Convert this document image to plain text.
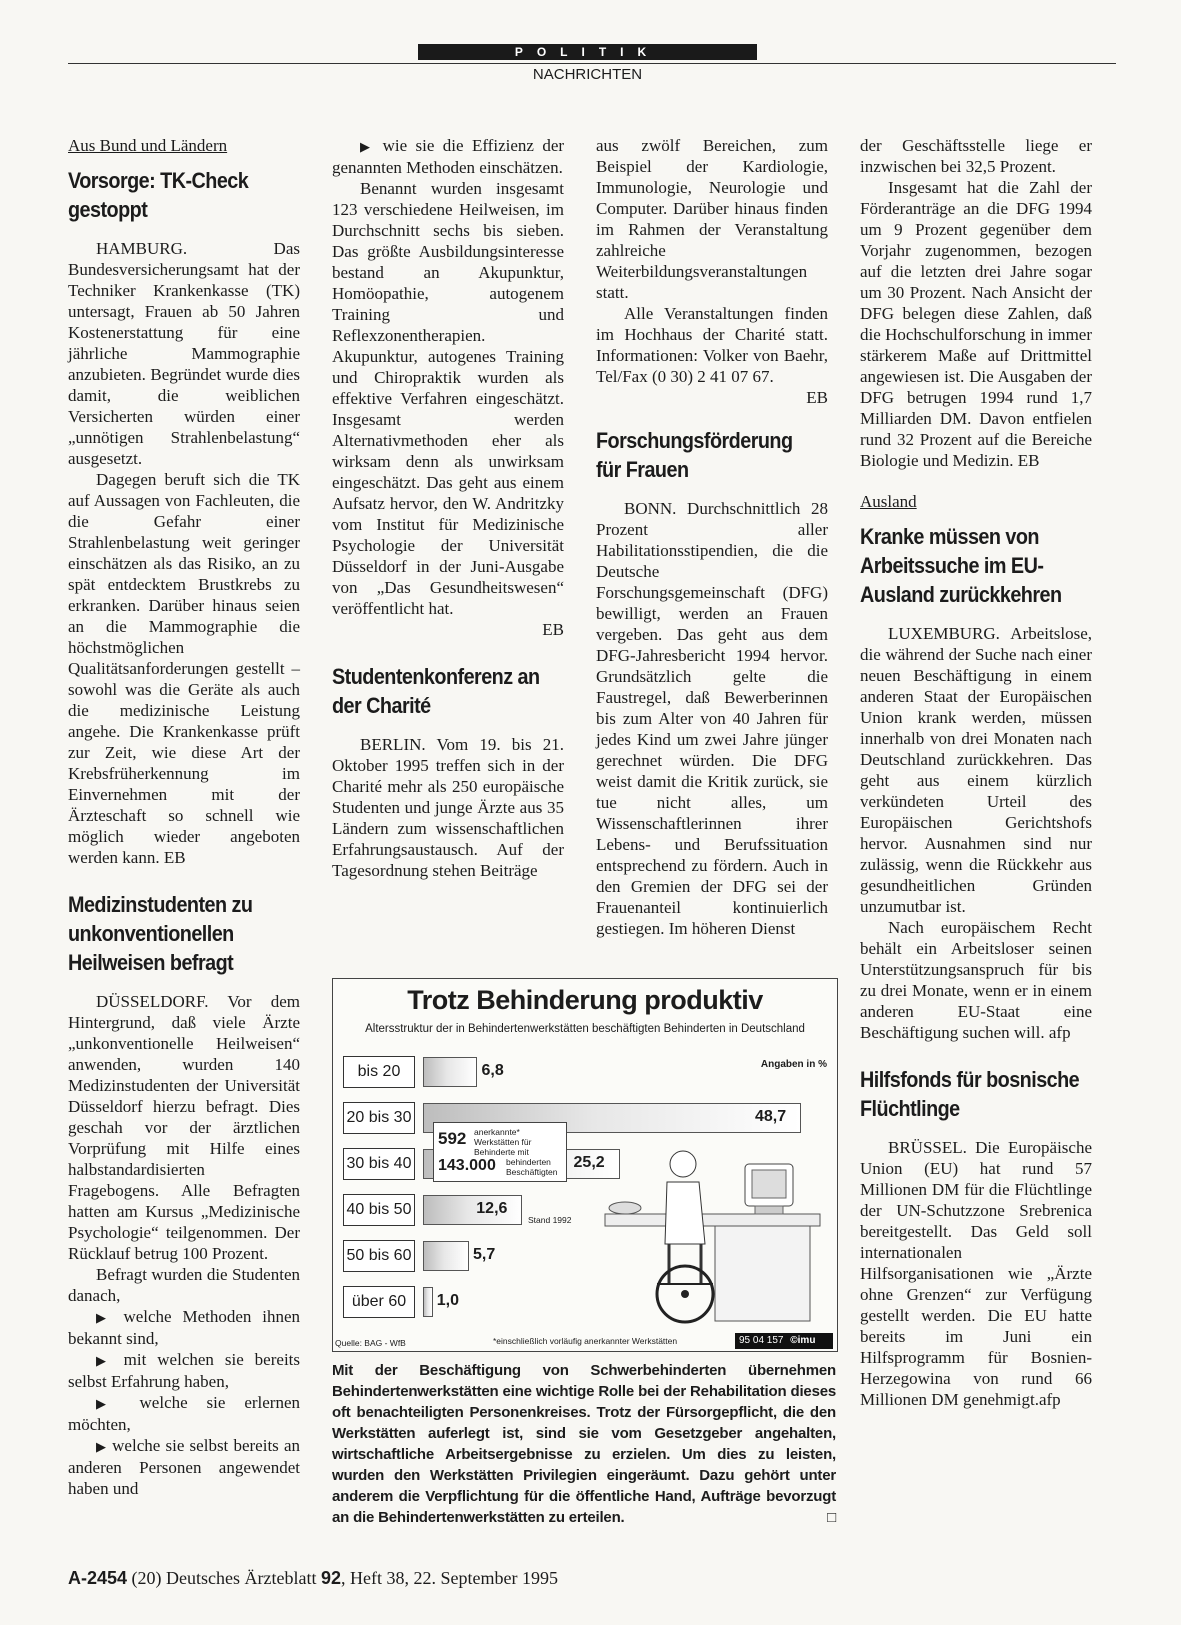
POLITIK
NACHRICHTEN
Aus Bund und Ländern
Vorsorge: TK-Check gestoppt

HAMBURG. Das Bundesversicherungsamt hat der Techniker Krankenkasse (TK) untersagt, Frauen ab 50 Jahren Kostenerstattung für eine jährliche Mammographie anzubieten. Begründet wurde dies damit, die weiblichen Versicherten würden einer „unnötigen Strahlenbelastung“ ausgesetzt.

Dagegen beruft sich die TK auf Aussagen von Fachleuten, die die Gefahr einer Strahlenbelastung weit geringer einschätzen als das Risiko, an zu spät entdecktem Brustkrebs zu erkranken. Darüber hinaus seien an die Mammographie die höchstmöglichen Qualitätsanforderungen gestellt – sowohl was die Geräte als auch die medizinische Leistung angehe. Die Krankenkasse prüft zur Zeit, wie diese Art der Krebsfrüherkennung im Einvernehmen mit der Ärzteschaft so schnell wie möglich wieder angeboten werden kann. EB

Medizinstudenten zu unkonventionellen Heilweisen befragt

DÜSSELDORF. Vor dem Hintergrund, daß viele Ärzte „unkonventionelle Heilweisen“ anwenden, wurden 140 Medizinstudenten der Universität Düsseldorf hierzu befragt. Dies geschah vor der ärztlichen Vorprüfung mit Hilfe eines halbstandardisierten Fragebogens. Alle Befragten hatten am Kursus „Medizinische Psychologie“ teilgenommen. Der Rücklauf betrug 100 Prozent.

Befragt wurden die Studenten danach,

▶ welche Methoden ihnen bekannt sind,

▶ mit welchen sie bereits selbst Erfahrung haben,

▶ welche sie erlernen möchten,

▶ welche sie selbst bereits an anderen Personen angewendet haben und

▶ wie sie die Effizienz der genannten Methoden einschätzen.

Benannt wurden insgesamt 123 verschiedene Heilweisen, im Durchschnitt sechs bis sieben. Das größte Ausbildungsinteresse bestand an Akupunktur, Homöopathie, autogenem Training und Reflexzonentherapien. Akupunktur, autogenes Training und Chiropraktik wurden als effektive Verfahren eingeschätzt. Insgesamt werden Alternativmethoden eher als wirksam denn als unwirksam eingeschätzt. Das geht aus einem Aufsatz hervor, den W. Andritzky vom Institut für Medizinische Psychologie der Universität Düsseldorf in der Juni-Ausgabe von „Das Gesundheitswesen“ veröffentlicht hat.

EB
Studentenkonferenz an der Charité

BERLIN. Vom 19. bis 21. Oktober 1995 treffen sich in der Charité mehr als 250 europäische Studenten und junge Ärzte aus 35 Ländern zum wissenschaftlichen Erfahrungsaustausch. Auf der Tagesordnung stehen Beiträge

aus zwölf Bereichen, zum Beispiel der Kardiologie, Immunologie, Neurologie und Computer. Darüber hinaus finden im Rahmen der Veranstaltung zahlreiche Weiterbildungsveranstaltungen statt.

Alle Veranstaltungen finden im Hochhaus der Charité statt. Informationen: Volker von Baehr, Tel/Fax (0 30) 2 41 07 67.

EB
Forschungsförderung für Frauen

BONN. Durchschnittlich 28 Prozent aller Habilitationsstipendien, die die Deutsche Forschungsgemeinschaft (DFG) bewilligt, werden an Frauen vergeben. Das geht aus dem DFG-Jahresbericht 1994 hervor. Grundsätzlich gelte die Faustregel, daß Bewerberinnen bis zum Alter von 40 Jahren für jedes Kind um zwei Jahre jünger gerechnet würden. Die DFG weist damit die Kritik zurück, sie tue nicht alles, um Wissenschaftlerinnen ihrer Lebens- und Berufssituation entsprechend zu fördern. Auch in den Gremien der DFG sei der Frauenanteil kontinuierlich gestiegen. Im höheren Dienst

der Geschäftsstelle liege er inzwischen bei 32,5 Prozent.

Insgesamt hat die Zahl der Förderanträge an die DFG 1994 um 9 Prozent gegenüber dem Vorjahr zugenommen, bezogen auf die letzten drei Jahre sogar um 30 Prozent. Nach Ansicht der DFG belegen diese Zahlen, daß die Hochschulforschung in immer stärkerem Maße auf Drittmittel angewiesen ist. Die Ausgaben der DFG betrugen 1994 rund 1,7 Milliarden DM. Davon entfielen rund 32 Prozent auf die Bereiche Biologie und Medizin. EB

Ausland
Kranke müssen von Arbeitssuche im EU-Ausland zurückkehren

LUXEMBURG. Arbeitslose, die während der Suche nach einer neuen Beschäftigung in einem anderen Staat der Europäischen Union krank werden, müssen innerhalb von drei Monaten nach Deutschland zurückkehren. Das geht aus einem kürzlich verkündeten Urteil des Europäischen Gerichtshofs hervor. Ausnahmen sind nur zulässig, wenn die Rückkehr aus gesundheitlichen Gründen unzumutbar ist.

Nach europäischem Recht behält ein Arbeitsloser seinen Unterstützungsanspruch für bis zu drei Monate, wenn er in einem anderen EU-Staat eine Beschäftigung suchen will. afp

Hilfsfonds für bosnische Flüchtlinge

BRÜSSEL. Die Europäische Union (EU) hat rund 57 Millionen DM für die Flüchtlinge der UN-Schutzzone Srebrenica bereitgestellt. Das Geld soll internationalen Hilfsorganisationen wie „Ärzte ohne Grenzen“ zur Verfügung gestellt werden. Die EU hatte bereits im Juni ein Hilfsprogramm für Bosnien-Herzegowina von rund 66 Millionen DM genehmigt.afp

Trotz Behinderung produktiv
Altersstruktur der in Behindertenwerkstätten beschäftigten Behinderten in Deutschland
Angaben in %
bis 20	6,8
20 bis 30	48,7
30 bis 40	25,2
40 bis 50	12,6
50 bis 60	5,7
über 60	1,0
592 anerkannte* Werkstätten für Behinderte mit
143.000 behinderten Beschäftigten
Stand 1992
Quelle: BAG - WfB	*einschließlich vorläufig anerkannter Werkstätten	95 04 157 ©imu
Mit der Beschäftigung von Schwerbehinderten übernehmen Behindertenwerkstätten eine wichtige Rolle bei der Rehabilitation dieses oft benachteiligten Personenkreises. Trotz der Fürsorgepflicht, die den Werkstätten auferlegt ist, sind sie vom Gesetzgeber angehalten, wirtschaftliche Arbeitsergebnisse zu erzielen. Um dies zu leisten, wurden den Werkstätten Privilegien eingeräumt. Dazu gehört unter anderem die Verpflichtung für die öffentliche Hand, Aufträge bevorzugt an die Behindertenwerkstätten zu erteilen.	□
A-2454 (20) Deutsches Ärzteblatt 92, Heft 38, 22. September 1995
